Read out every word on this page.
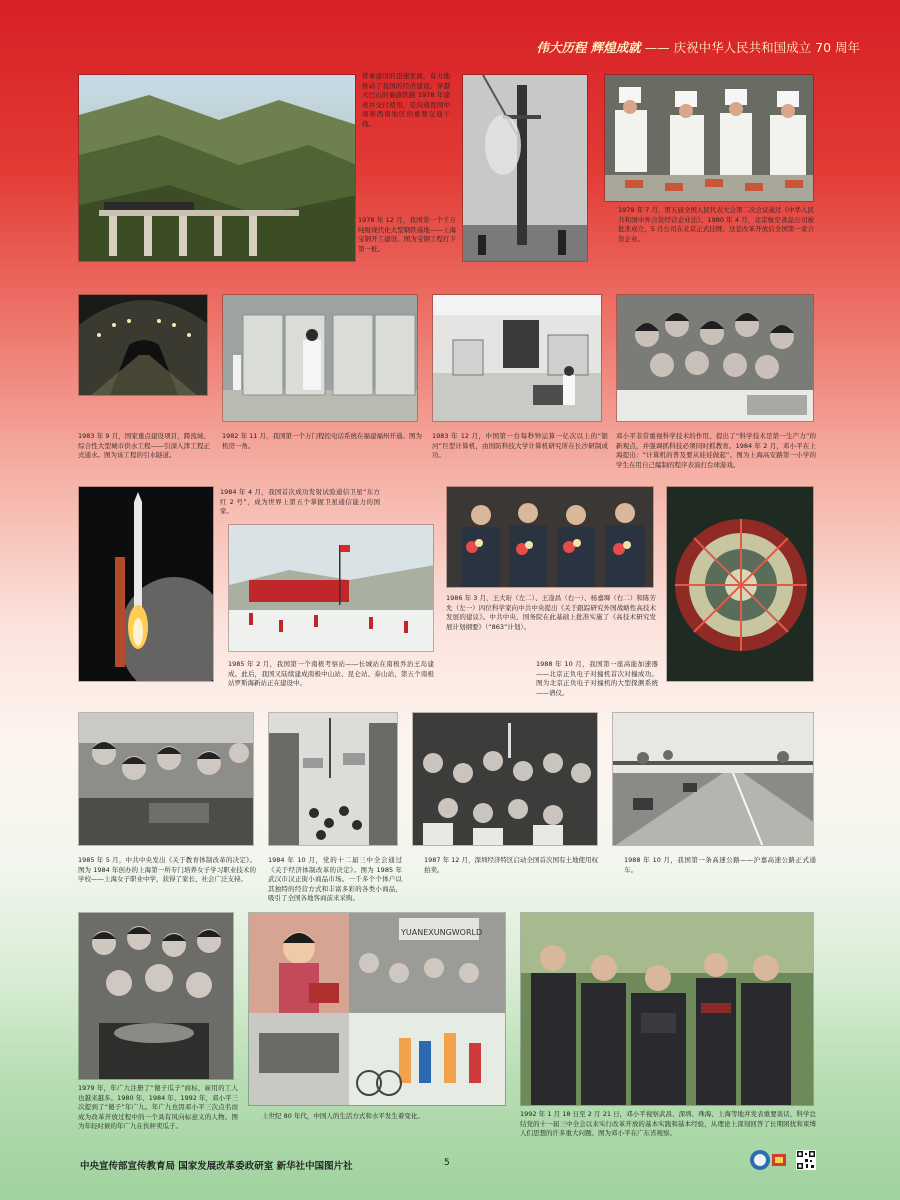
伟大历程 辉煌成就 —— 庆祝中华人民共和国成立 70 周年
铁事建设的迅速发展，有力地推动了我国的经济建设。穿越大巴山的襄渝铁路 1978 年建成并交付使用，是沟通我国中南和西南地区的重要交通干线。
1978 年 12 月，我国第一个千万吨级现代化大型钢铁基地——上海宝钢开工建设。图为宝钢工程打下第一桩。
1979 年 7 月，第五届全国人民代表大会第二次会议通过《中华人民共和国中外合资经营企业法》。1980 年 4 月，北京航空食品公司被批准成立，5 月公司在北京正式挂牌。这是改革开放后全国第一家合资企业。
1983 年 9 月，国家重点建设项目，跨流域、综合性大型城市供水工程——引滦入津工程正式通水。图为该工程的引水隧道。
1982 年 11 月，我国第一个万门程控电话系统在福建福州开通。图为机房一角。
1983 年 12 月，中国第一台每秒钟运算一亿次以上的“银河”巨型计算机，由国防科技大学计算机研究所在长沙研制成功。
邓小平非常重视科学技术的作用，提出了“科学技术是第一生产力”的新观点，并强调抓科技必须同时抓教育。1984 年 2 月，邓小平在上海提出：“计算机的普及要从娃娃做起”。图为上海高安路第一小学的学生在用自己编制的程序表演打台球游戏。
1984 年 4 月，我国首次成功发射试验通信卫星“东方红 2 号”，成为世界上第五个掌握卫星通信能力的国家。
1985 年 2 月，我国第一个南极考察站——长城站在南极乔治王岛建成。此后，我国又陆续建成南极中山站、昆仑站、泰山站，第五个南极站罗斯海新站正在建设中。
1986 年 3 月，王大珩（左二）、王淦昌（右一）、杨嘉墀（右二）和陈芳允（左一）四位科学家向中共中央提出《关于跟踪研究外国战略性高技术发展的建议》。中共中央、国务院在此基础上批准实施了《高技术研究发展计划纲要》（“863”计划）。
1988 年 10 月，我国第一座高能加速器——北京正负电子对撞机首次对撞成功。图为北京正负电子对撞机的大型探测系统——谱仪。
1985 年 5 月，中共中央发出《关于教育体制改革的决定》。图为 1984 年创办的上海第一所专门培养女子学习职业技术的学校——上海女子职业中学，获得了家长、社会广泛支持。
1984 年 10 月，党的十二届三中全会通过《关于经济体制改革的决定》。图为 1985 年武汉市汉正街小商品市场。一千多个个体户以其独特的经营方式和丰富多彩的各类小商品，吸引了全国各地客商前来采购。
1987 年 12 月，深圳经济特区启动全国首次国有土地使用权拍卖。
1988 年 10 月，我国第一条高速公路——沪嘉高速公路正式通车。
1979 年，年广九注册了“傻子瓜子”商标，雇用的工人也越来越多。1980 年、1984 年、1992 年，邓小平三次提到了“傻子”年广九。年广九也因邓小平三次点名而成为改革开放过程中的一个具有风向标意义的人物。图为年轻时候的年广九在伙秤卖瓜子。
YUANEXUNGWORLD
上世纪 80 年代，中国人的生活方式和水平发生着变化。	1992 年 1 月 18 日至 2 月 21 日，邓小平视察武昌、深圳、珠海、上海等地并发表重要谈话，科学总结党的十一届三中全会以来实行改革开放的基本实践和基本经验，从理论上深刻回答了长期困扰和束缚人们思想的许多重大问题。图为邓小平在广东省视察。
中央宣传部宣传教育局 国家发展改革委政研室 新华社中国图片社	5
